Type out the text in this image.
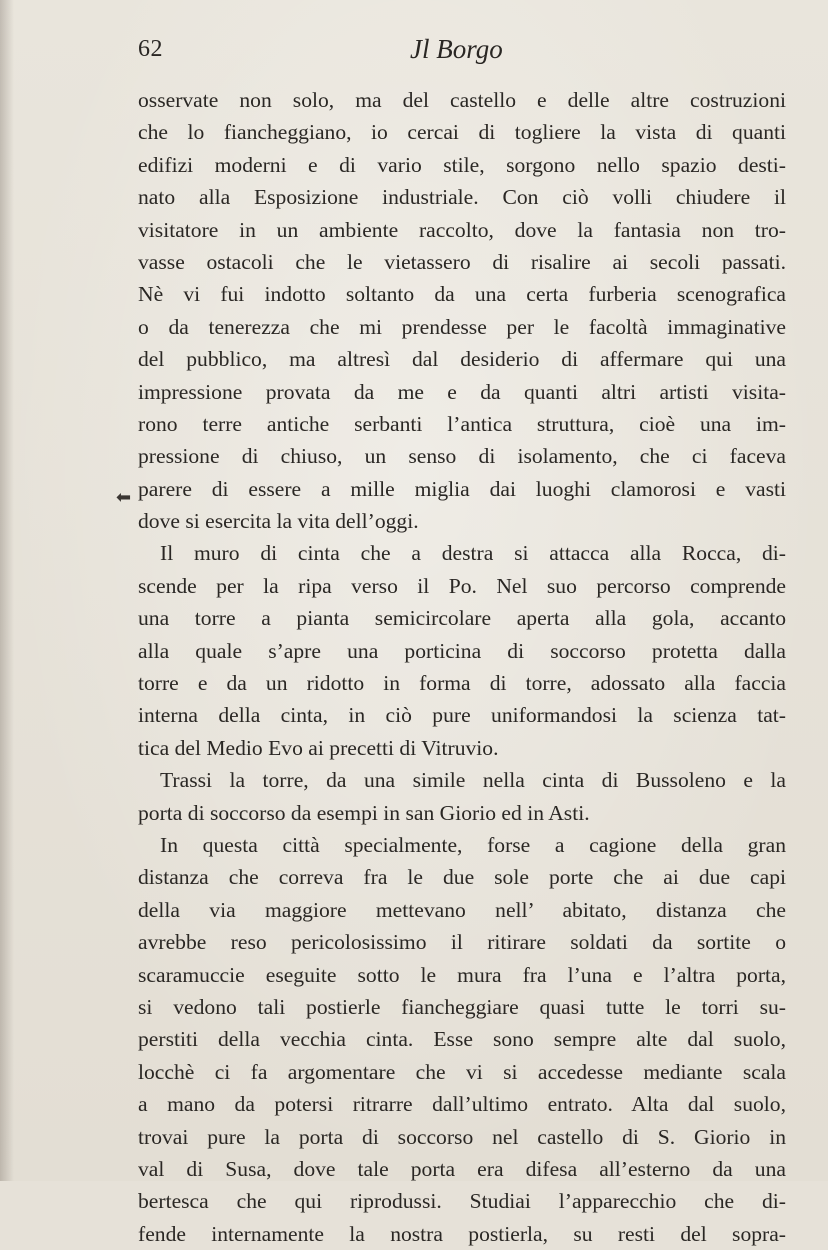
62	Jl Borgo
⬅
osservate non solo, ma del castello e delle altre costruzioni
che lo fiancheggiano, io cercai di togliere la vista di quanti
edifizi moderni e di vario stile, sorgono nello spazio desti-
nato alla Esposizione industriale. Con ciò volli chiudere il
visitatore in un ambiente raccolto, dove la fantasia non tro-
vasse ostacoli che le vietassero di risalire ai secoli passati.
Nè vi fui indotto soltanto da una certa furberia scenografica
o da tenerezza che mi prendesse per le facoltà immaginative
del pubblico, ma altresì dal desiderio di affermare qui una
impressione provata da me e da quanti altri artisti visita-
rono terre antiche serbanti l’antica struttura, cioè una im-
pressione di chiuso, un senso di isolamento, che ci faceva
parere di essere a mille miglia dai luoghi clamorosi e vasti
dove si esercita la vita dell’oggi.
Il muro di cinta che a destra si attacca alla Rocca, di-
scende per la ripa verso il Po. Nel suo percorso comprende
una torre a pianta semicircolare aperta alla gola, accanto
alla quale s’apre una porticina di soccorso protetta dalla
torre e da un ridotto in forma di torre, adossato alla faccia
interna della cinta, in ciò pure uniformandosi la scienza tat-
tica del Medio Evo ai precetti di Vitruvio.
Trassi la torre, da una simile nella cinta di Bussoleno e la
porta di soccorso da esempi in san Giorio ed in Asti.
In questa città specialmente, forse a cagione della gran
distanza che correva fra le due sole porte che ai due capi
della via maggiore mettevano nell’ abitato, distanza che
avrebbe reso pericolosissimo il ritirare soldati da sortite o
scaramuccie eseguite sotto le mura fra l’una e l’altra porta,
si vedono tali postierle fiancheggiare quasi tutte le torri su-
perstiti della vecchia cinta. Esse sono sempre alte dal suolo,
locchè ci fa argomentare che vi si accedesse mediante scala
a mano da potersi ritrarre dall’ultimo entrato. Alta dal suolo,
trovai pure la porta di soccorso nel castello di S. Giorio in
val di Susa, dove tale porta era difesa all’esterno da una
bertesca che qui riprodussi. Studiai l’apparecchio che di-
fende internamente la nostra postierla, su resti del sopra-
